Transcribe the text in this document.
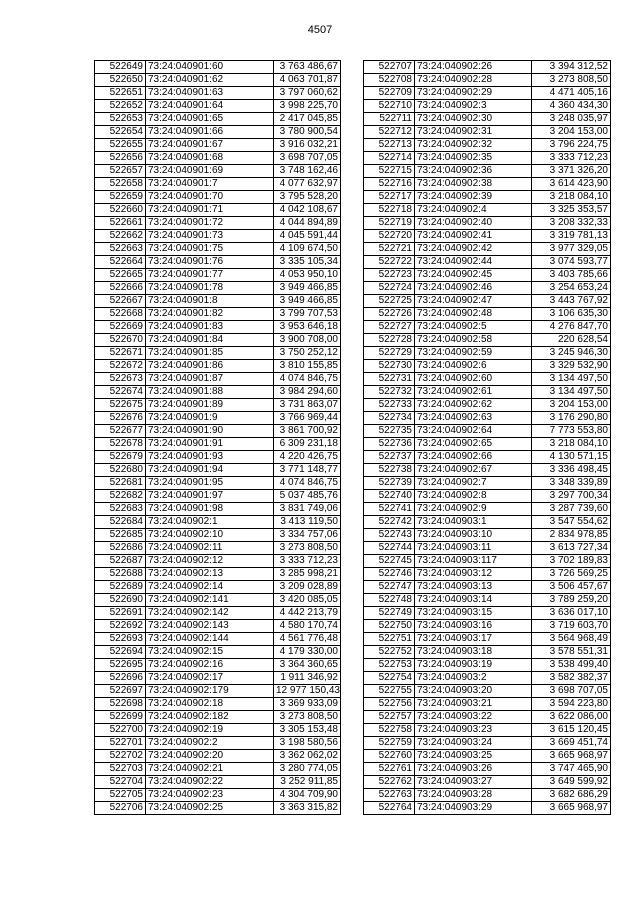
4507
522649	73:24:040901:60	3 763 486,67
522650	73:24:040901:62	4 063 701,87
522651	73:24:040901:63	3 797 060,62
522652	73:24:040901:64	3 998 225,70
522653	73:24:040901:65	2 417 045,85
522654	73:24:040901:66	3 780 900,54
522655	73:24:040901:67	3 916 032,21
522656	73:24:040901:68	3 698 707,05
522657	73:24:040901:69	3 748 162,46
522658	73:24:040901:7	4 077 632,97
522659	73:24:040901:70	3 795 528,20
522660	73:24:040901:71	4 042 108,67
522661	73:24:040901:72	4 044 894,89
522662	73:24:040901:73	4 045 591,44
522663	73:24:040901:75	4 109 674,50
522664	73:24:040901:76	3 335 105,34
522665	73:24:040901:77	4 053 950,10
522666	73:24:040901:78	3 949 466,85
522667	73:24:040901:8	3 949 466,85
522668	73:24:040901:82	3 799 707,53
522669	73:24:040901:83	3 953 646,18
522670	73:24:040901:84	3 900 708,00
522671	73:24:040901:85	3 750 252,12
522672	73:24:040901:86	3 810 155,85
522673	73:24:040901:87	4 074 846,75
522674	73:24:040901:88	3 984 294,60
522675	73:24:040901:89	3 731 863,07
522676	73:24:040901:9	3 766 969,44
522677	73:24:040901:90	3 861 700,92
522678	73:24:040901:91	6 309 231,18
522679	73:24:040901:93	4 220 426,75
522680	73:24:040901:94	3 771 148,77
522681	73:24:040901:95	4 074 846,75
522682	73:24:040901:97	5 037 485,76
522683	73:24:040901:98	3 831 749,06
522684	73:24:040902:1	3 413 119,50
522685	73:24:040902:10	3 334 757,06
522686	73:24:040902:11	3 273 808,50
522687	73:24:040902:12	3 333 712,23
522688	73:24:040902:13	3 285 998,21
522689	73:24:040902:14	3 209 028,89
522690	73:24:040902:141	3 420 085,05
522691	73:24:040902:142	4 442 213,79
522692	73:24:040902:143	4 580 170,74
522693	73:24:040902:144	4 561 776,48
522694	73:24:040902:15	4 179 330,00
522695	73:24:040902:16	3 364 360,65
522696	73:24:040902:17	1 911 346,92
522697	73:24:040902:179	12 977 150,43
522698	73:24:040902:18	3 369 933,09
522699	73:24:040902:182	3 273 808,50
522700	73:24:040902:19	3 305 153,48
522701	73:24:040902:2	3 198 580,56
522702	73:24:040902:20	3 362 062,02
522703	73:24:040902:21	3 280 774,05
522704	73:24:040902:22	3 252 911,85
522705	73:24:040902:23	4 304 709,90
522706	73:24:040902:25	3 363 315,82
522707	73:24:040902:26	3 394 312,52
522708	73:24:040902:28	3 273 808,50
522709	73:24:040902:29	4 471 405,16
522710	73:24:040902:3	4 360 434,30
522711	73:24:040902:30	3 248 035,97
522712	73:24:040902:31	3 204 153,00
522713	73:24:040902:32	3 796 224,75
522714	73:24:040902:35	3 333 712,23
522715	73:24:040902:36	3 371 326,20
522716	73:24:040902:38	3 614 423,90
522717	73:24:040902:39	3 218 084,10
522718	73:24:040902:4	3 325 353,57
522719	73:24:040902:40	3 208 332,33
522720	73:24:040902:41	3 319 781,13
522721	73:24:040902:42	3 977 329,05
522722	73:24:040902:44	3 074 593,77
522723	73:24:040902:45	3 403 785,66
522724	73:24:040902:46	3 254 653,24
522725	73:24:040902:47	3 443 767,92
522726	73:24:040902:48	3 106 635,30
522727	73:24:040902:5	4 276 847,70
522728	73:24:040902:58	220 628,54
522729	73:24:040902:59	3 245 946,30
522730	73:24:040902:6	3 329 532,90
522731	73:24:040902:60	3 134 497,50
522732	73:24:040902:61	3 134 497,50
522733	73:24:040902:62	3 204 153,00
522734	73:24:040902:63	3 176 290,80
522735	73:24:040902:64	7 773 553,80
522736	73:24:040902:65	3 218 084,10
522737	73:24:040902:66	4 130 571,15
522738	73:24:040902:67	3 336 498,45
522739	73:24:040902:7	3 348 339,89
522740	73:24:040902:8	3 297 700,34
522741	73:24:040902:9	3 287 739,60
522742	73:24:040903:1	3 547 554,62
522743	73:24:040903:10	2 834 978,85
522744	73:24:040903:11	3 613 727,34
522745	73:24:040903:117	3 702 189,83
522746	73:24:040903:12	3 726 569,25
522747	73:24:040903:13	3 506 457,67
522748	73:24:040903:14	3 789 259,20
522749	73:24:040903:15	3 636 017,10
522750	73:24:040903:16	3 719 603,70
522751	73:24:040903:17	3 564 968,49
522752	73:24:040903:18	3 578 551,31
522753	73:24:040903:19	3 538 499,40
522754	73:24:040903:2	3 582 382,37
522755	73:24:040903:20	3 698 707,05
522756	73:24:040903:21	3 594 223,80
522757	73:24:040903:22	3 622 086,00
522758	73:24:040903:23	3 615 120,45
522759	73:24:040903:24	3 669 451,74
522760	73:24:040903:25	3 665 968,97
522761	73:24:040903:26	3 747 465,90
522762	73:24:040903:27	3 649 599,92
522763	73:24:040903:28	3 682 686,29
522764	73:24:040903:29	3 665 968,97
